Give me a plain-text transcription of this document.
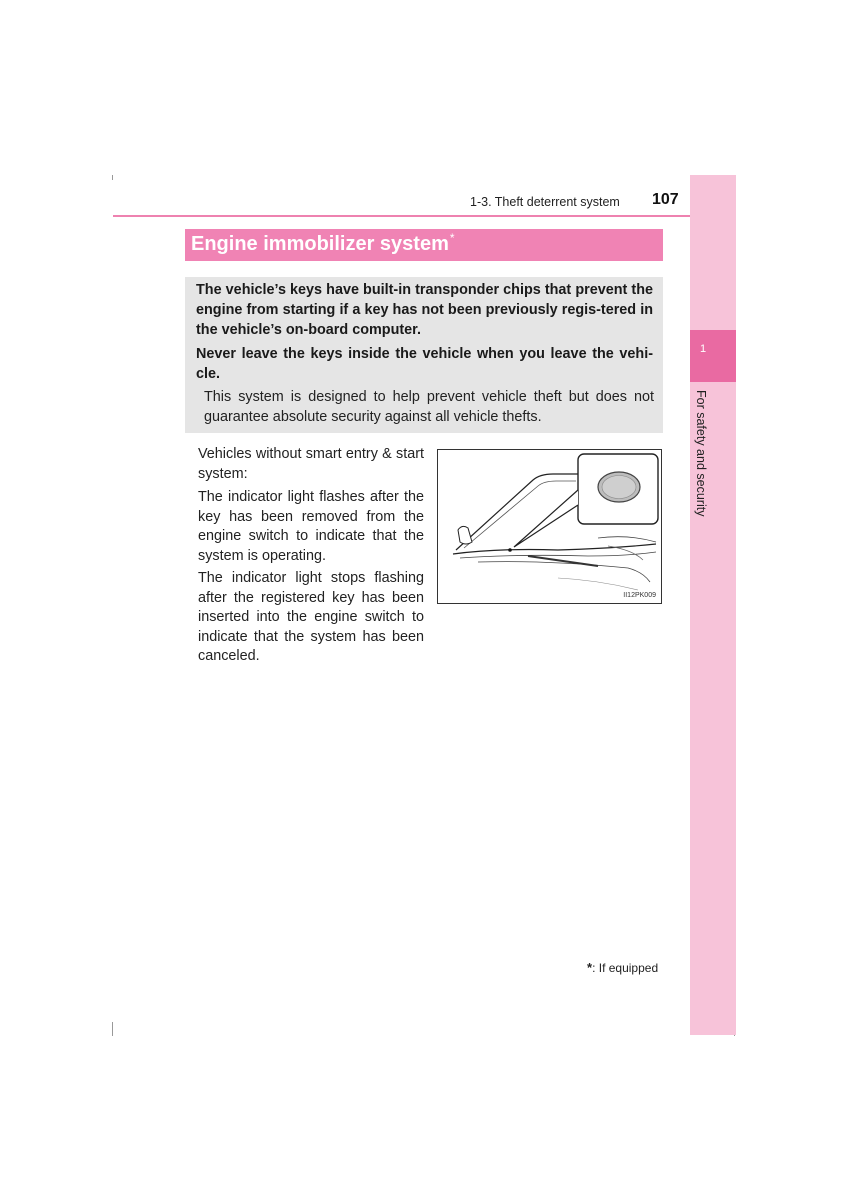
1-3. Theft deterrent system 107
1
For safety and security
Engine immobilizer system*
The vehicle’s keys have built-in transponder chips that prevent the engine from starting if a key has not been previously regis-tered in the vehicle’s on-board computer.
Never leave the keys inside the vehicle when you leave the vehi-cle.
This system is designed to help prevent vehicle theft but does not guarantee absolute security against all vehicle thefts.
Vehicles without smart entry & start system:
The indicator light flashes after the key has been removed from the engine switch to indicate that the system is operating.
The indicator light stops flashing after the registered key has been inserted into the engine switch to indicate that the system has been canceled.
II12PK009
*: If equipped
